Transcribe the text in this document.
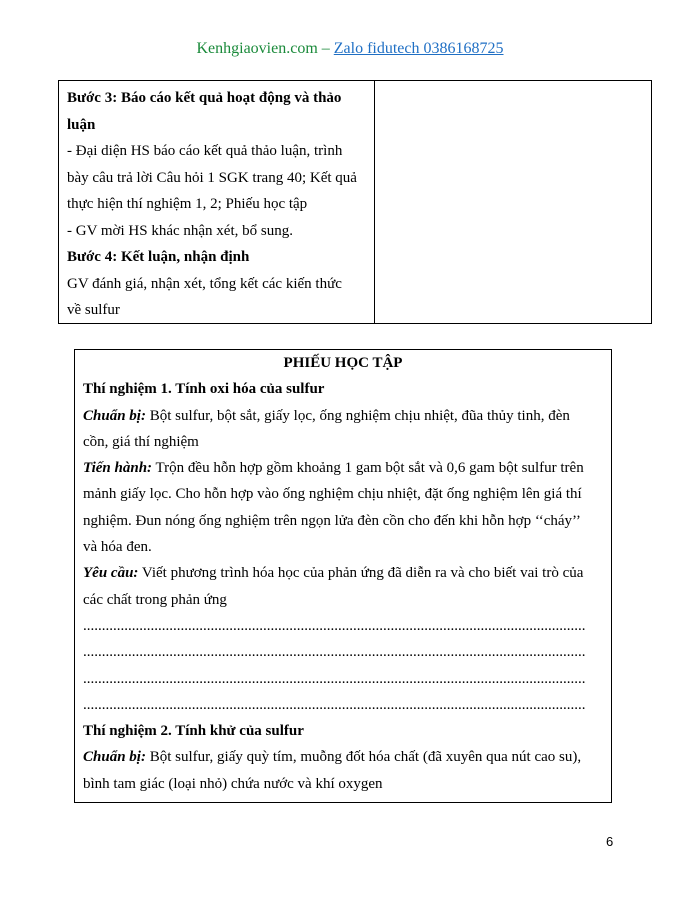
Kenhgiaovien.com – Zalo fidutech 0386168725

Bước 3: Báo cáo kết quả hoạt động và thảo

luận

- Đại diện HS báo cáo kết quả thảo luận, trình

bày câu trả lời Câu hỏi 1 SGK trang 40; Kết quả

thực hiện thí nghiệm 1, 2; Phiếu học tập

- GV mời HS khác nhận xét, bổ sung.

Bước 4: Kết luận, nhận định

GV đánh giá, nhận xét, tổng kết các kiến thức

về sulfur

PHIẾU HỌC TẬP

Thí nghiệm 1. Tính oxi hóa của sulfur

Chuẩn bị: Bột sulfur, bột sắt, giấy lọc, ống nghiệm chịu nhiệt, đũa thủy tinh, đèn

cồn, giá thí nghiệm

Tiến hành: Trộn đều hỗn hợp gồm khoảng 1 gam bột sắt và 0,6 gam bột sulfur trên

mảnh giấy lọc. Cho hỗn hợp vào ống nghiệm chịu nhiệt, đặt ống nghiệm lên giá thí

nghiệm. Đun nóng ống nghiệm trên ngọn lửa đèn cồn cho đến khi hỗn hợp ‘‘cháy’’

và hóa đen.

Yêu cầu: Viết phương trình hóa học của phản ứng đã diễn ra và cho biết vai trò của

các chất trong phản ứng

......................................................................................................................................

......................................................................................................................................

......................................................................................................................................

......................................................................................................................................

Thí nghiệm 2. Tính khử của sulfur

Chuẩn bị: Bột sulfur, giấy quỳ tím, muỗng đốt hóa chất (đã xuyên qua nút cao su),

bình tam giác (loại nhỏ) chứa nước và khí oxygen

6
